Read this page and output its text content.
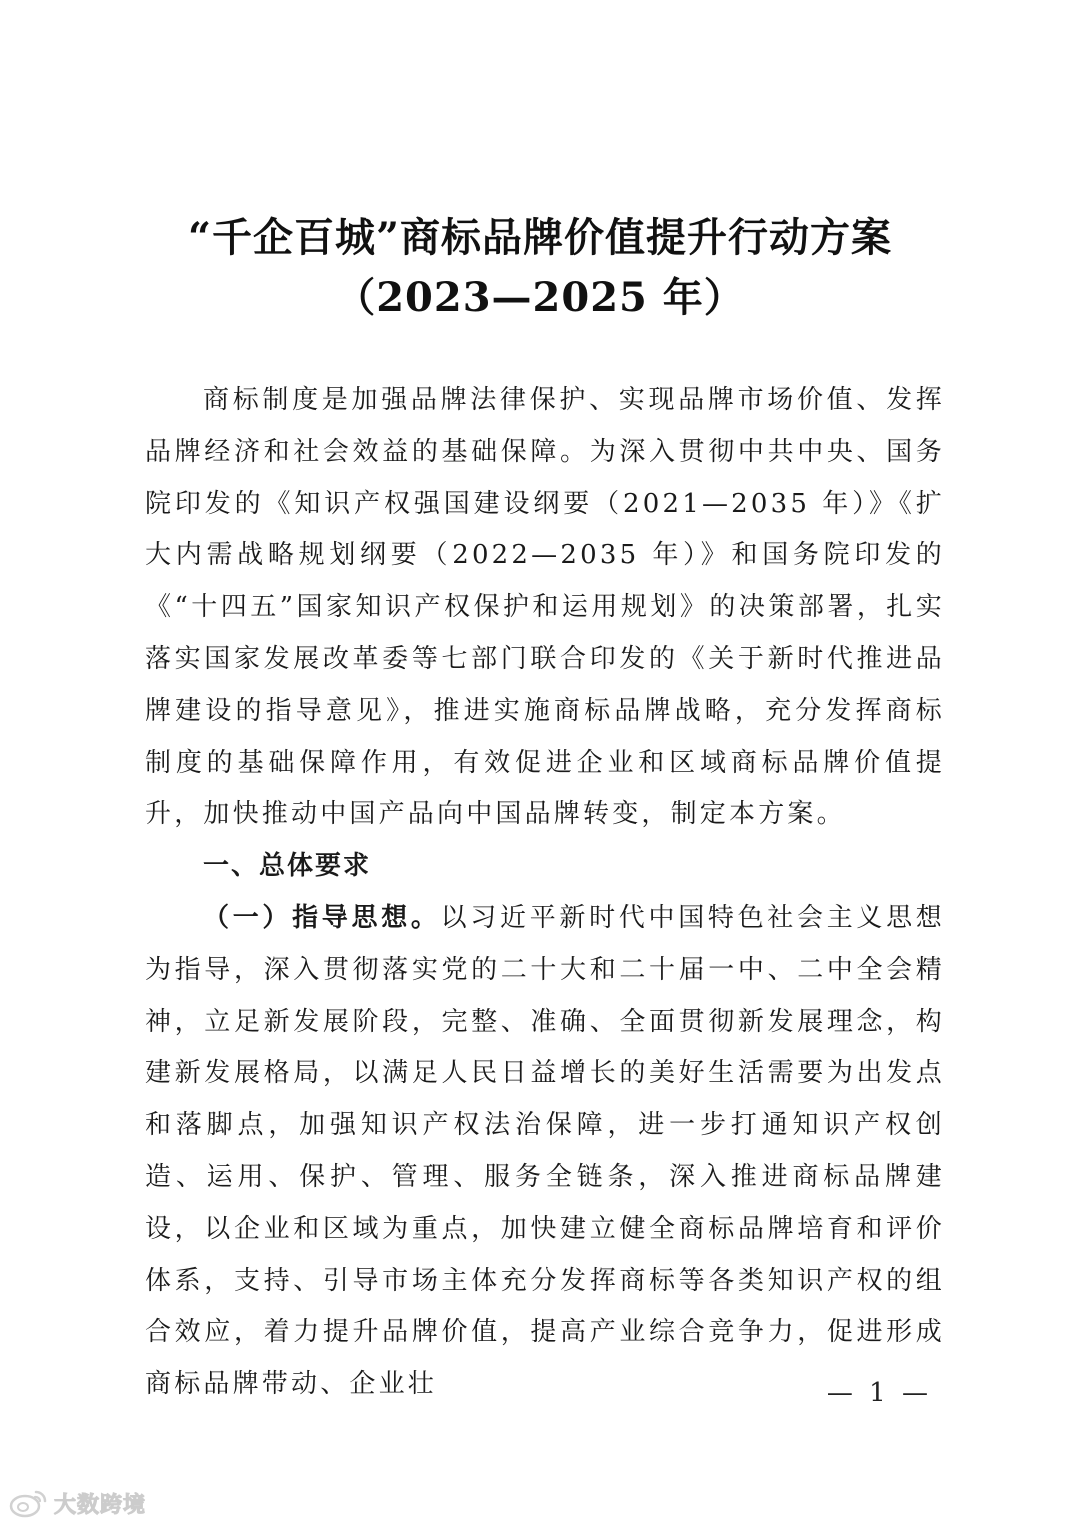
“千企百城”商标品牌价值提升行动方案
（2023—2025 年）

商标制度是加强品牌法律保护、实现品牌市场价值、发挥品牌经济和社会效益的基础保障。为深入贯彻中共中央、国务院印发的《知识产权强国建设纲要（2021—2035 年）》《扩大内需战略规划纲要（2022—2035 年）》和国务院印发的《“十四五”国家知识产权保护和运用规划》的决策部署，扎实落实国家发展改革委等七部门联合印发的《关于新时代推进品牌建设的指导意见》，推进实施商标品牌战略，充分发挥商标制度的基础保障作用，有效促进企业和区域商标品牌价值提升，加快推动中国产品向中国品牌转变，制定本方案。

一、总体要求

（一）指导思想。以习近平新时代中国特色社会主义思想为指导，深入贯彻落实党的二十大和二十届一中、二中全会精神，立足新发展阶段，完整、准确、全面贯彻新发展理念，构建新发展格局，以满足人民日益增长的美好生活需要为出发点和落脚点，加强知识产权法治保障，进一步打通知识产权创造、运用、保护、管理、服务全链条，深入推进商标品牌建设，以企业和区域为重点，加快建立健全商标品牌培育和评价体系，支持、引导市场主体充分发挥商标等各类知识产权的组合效应，着力提升品牌价值，提高产业综合竞争力，促进形成商标品牌带动、企业壮	— 1 —
大数跨境
